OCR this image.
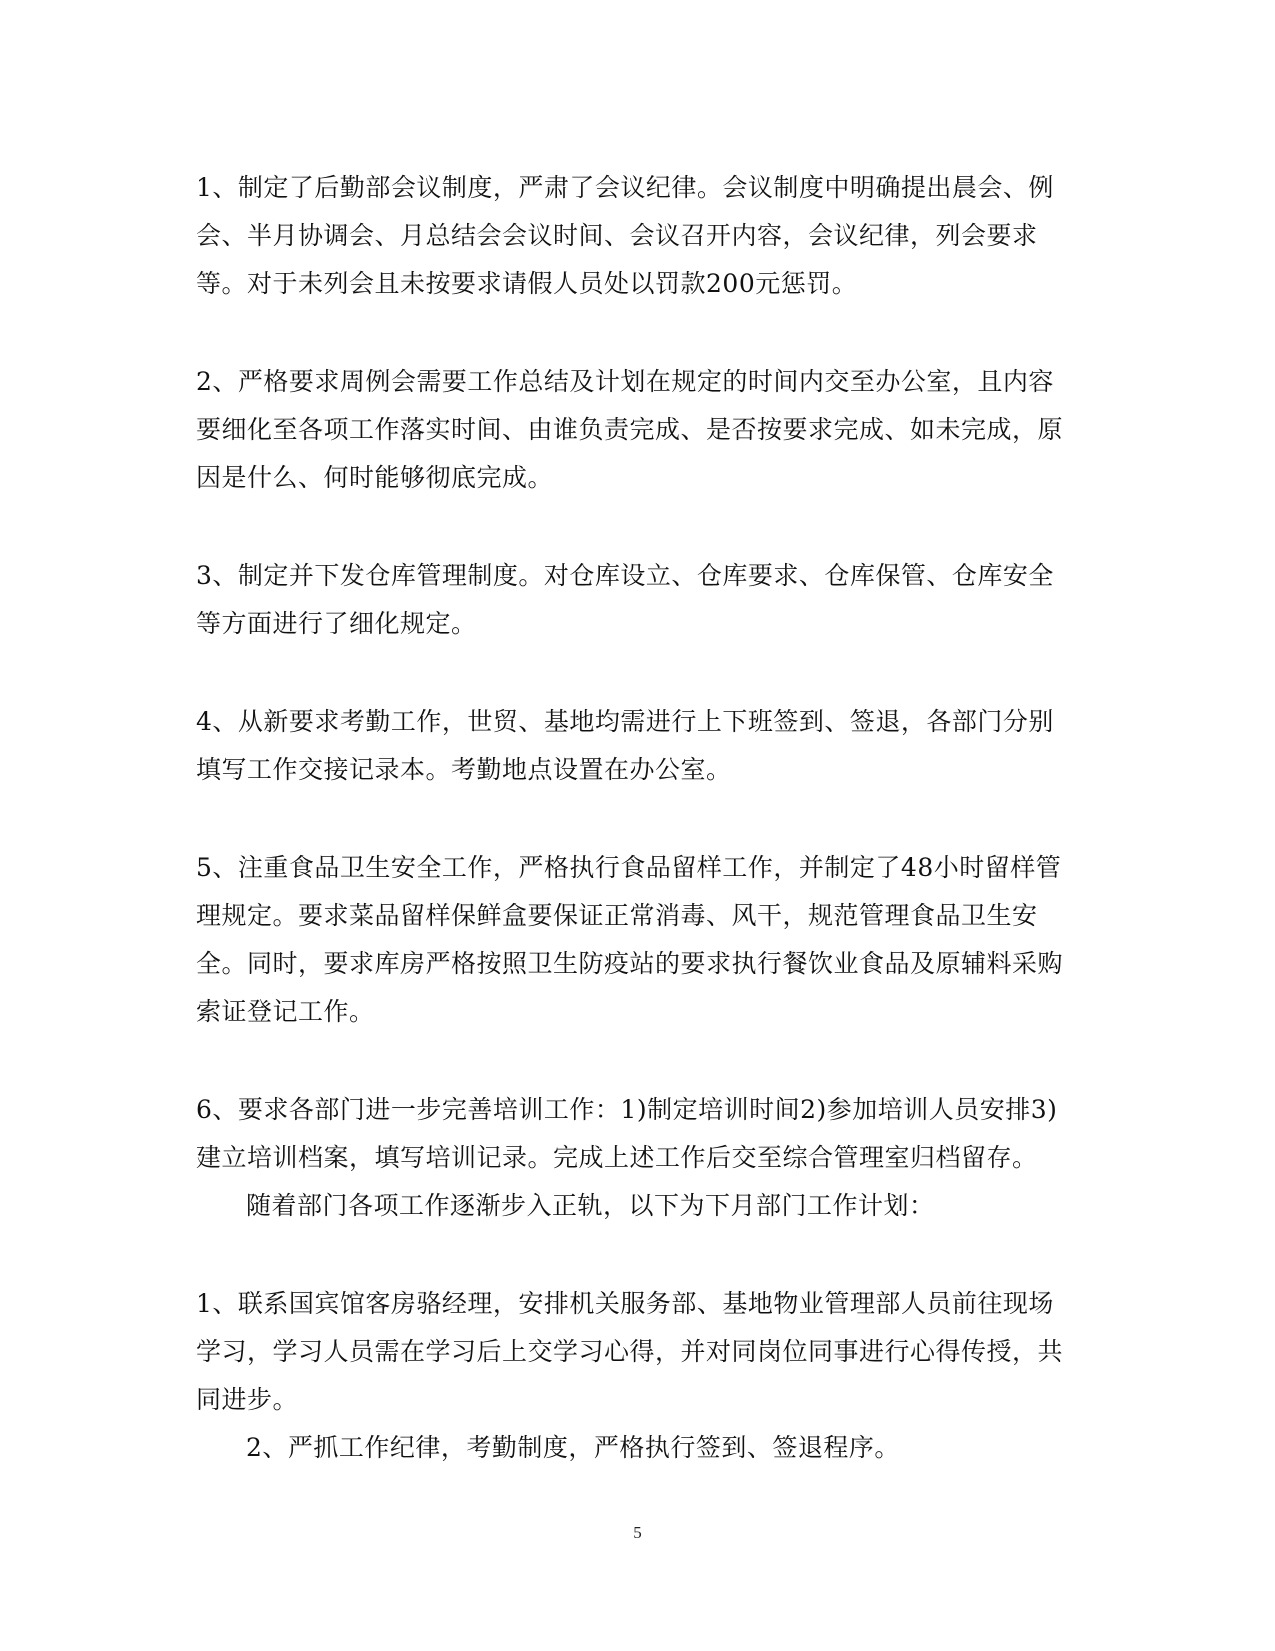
1、制定了后勤部会议制度，严肃了会议纪律。会议制度中明确提出晨会、例会、半月协调会、月总结会会议时间、会议召开内容，会议纪律，列会要求等。对于未列会且未按要求请假人员处以罚款200元惩罚。

2、严格要求周例会需要工作总结及计划在规定的时间内交至办公室，且内容要细化至各项工作落实时间、由谁负责完成、是否按要求完成、如未完成，原因是什么、何时能够彻底完成。

3、制定并下发仓库管理制度。对仓库设立、仓库要求、仓库保管、仓库安全等方面进行了细化规定。

4、从新要求考勤工作，世贸、基地均需进行上下班签到、签退，各部门分别填写工作交接记录本。考勤地点设置在办公室。

5、注重食品卫生安全工作，严格执行食品留样工作，并制定了48小时留样管理规定。要求菜品留样保鲜盒要保证正常消毒、风干，规范管理食品卫生安全。同时，要求库房严格按照卫生防疫站的要求执行餐饮业食品及原辅料采购索证登记工作。

6、要求各部门进一步完善培训工作：1)制定培训时间2)参加培训人员安排3)建立培训档案，填写培训记录。完成上述工作后交至综合管理室归档留存。

随着部门各项工作逐渐步入正轨，以下为下月部门工作计划：

1、联系国宾馆客房骆经理，安排机关服务部、基地物业管理部人员前往现场学习，学习人员需在学习后上交学习心得，并对同岗位同事进行心得传授，共同进步。

2、严抓工作纪律，考勤制度，严格执行签到、签退程序。

5
